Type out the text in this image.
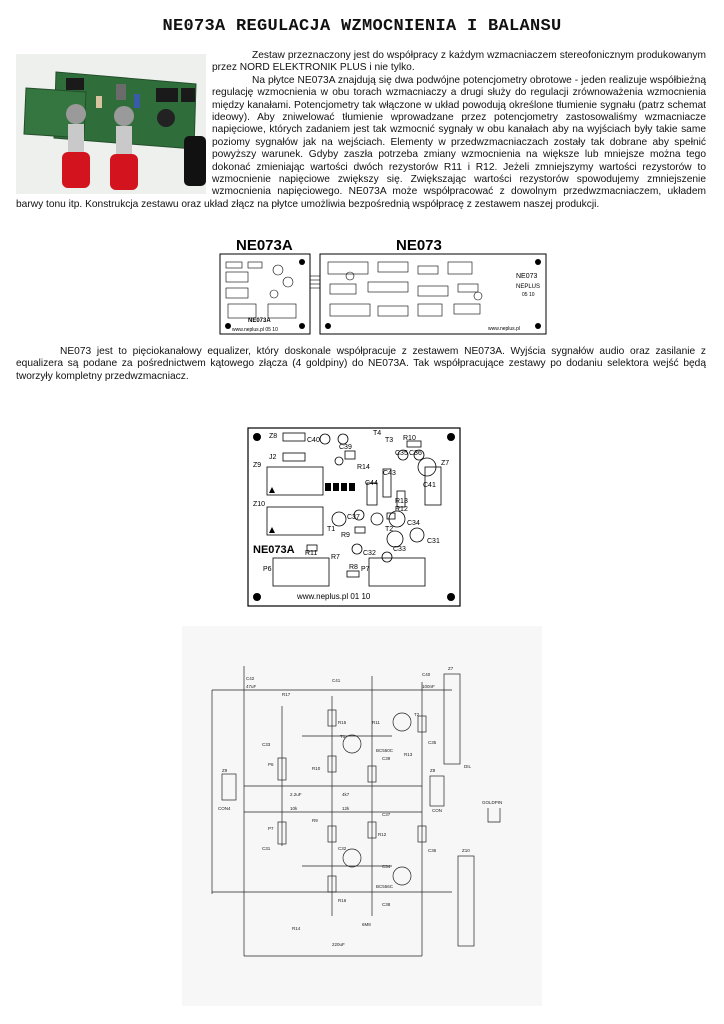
NE073A REGULACJA WZMOCNIENIA I BALANSU

Zestaw przeznaczony jest do współpracy z każdym wzmacniaczem stereofonicznym produkowanym przez NORD ELEKTRONIK PLUS i nie tylko.

Na płytce NE073A znajdują się dwa podwójne potencjometry obrotowe - jeden realizuje współbieżną regulację wzmocnienia w obu torach wzmacniaczy a drugi służy do regulacji zrównoważenia wzmocnienia między kanałami. Potencjometry tak włączone w układ powodują określone tłumienie sygnału (patrz schemat ideowy). Aby zniwelować tłumienie wprowadzane przez potencjometry zastosowaliśmy wzmacniacze napięciowe, których zadaniem jest tak wzmocnić sygnały w obu kanałach aby na wyjściach były takie same poziomy sygnałów jak na wejściach. Elementy w przedwzmacniaczach zostały tak dobrane aby spełnić powyższy warunek. Gdyby zaszła potrzeba zmiany wzmocnienia na większe lub mniejsze można tego dokonać zmieniając wartości dwóch rezystorów R11 i R12. Jeżeli zmniejszymy wartości rezystorów to wzmocnienie napięciowe zwiększy się. Zwiększając wartości rezystorów spowodujemy zmniejszenie wzmocnienia napięciowego. NE073A może współpracować z dowolnym przedwzmacniaczem, układem barwy tonu itp. Konstrukcja zestawu oraz układ złącz na płytce umożliwia bezpośrednią współpracę z zestawem naszej produkcji.

NE073A	NE073
NE073A
www.neplus.pl 05 10
NE073
NEPLUS
05 10
www.neplus.pl

NE073 jest to pięciokanałowy equalizer, który doskonale współpracuje z zestawem NE073A. Wyjścia sygnałów audio oraz zasilanie z equalizera są podane za pośrednictwem kątowego złącza (4 goldpiny) do NE073A. Tak współpracujące zestawy po dodaniu selektora wejść będą tworzyły kompletny przedwzmacniacz.

Z8
C40
T4
T3 R10
C39
C35 C36
J2
R14
Z9	Z7
C43
C44	C41
R13
Z10
C37
R12
T2
C34
T1
R9
C32
C33
C31
R11
R7
P6	P7
R8
NE073A
www.neplus.pl 01 10
C42	C41
C40
R17
R11
T2
T1
R13
R12
C39
C33
C31
P6
P7
C32
C34
R9
R10
C37
C38
R16
C36
R15
C35
Z7
Z8
Z9
Z10
R14
BC550C
BC556C
CON4
100nF
47uF
220uF
2.2uF
10k
4k7
12k
6M8
DIL
CON
GOLDPIN
